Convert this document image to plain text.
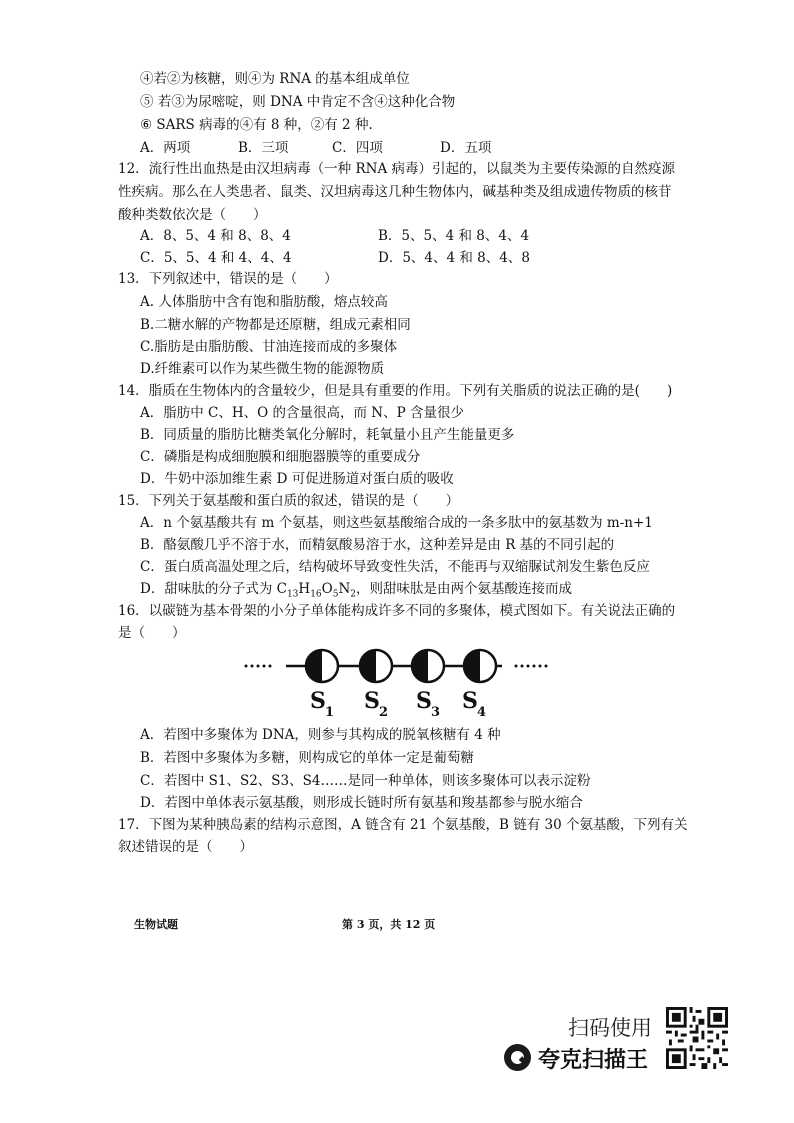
④若②为核糖，则④为 RNA 的基本组成单位
⑤ 若③为尿嘧啶，则 DNA 中肯定不含④这种化合物
⑥ SARS 病毒的④有 8 种，②有 2 种.
A．两项	B．三项	C．四项	D．五项
12．流行性出血热是由汉坦病毒（一种 RNA 病毒）引起的，以鼠类为主要传染源的自然疫源
性疾病。那么在人类患者、鼠类、汉坦病毒这几种生物体内，碱基种类及组成遗传物质的核苷
酸种类数依次是（　　）
A．8、5、4 和 8、8、4	B．5、5、4 和 8、4、4
C．5、5、4 和 4、4、4	D．5、4、4 和 8、4、8
13．下列叙述中，错误的是（　　）
A. 人体脂肪中含有饱和脂肪酸，熔点较高
B.二糖水解的产物都是还原糖，组成元素相同
C.脂肪是由脂肪酸、甘油连接而成的多聚体
D.纤维素可以作为某些微生物的能源物质
14．脂质在生物体内的含量较少，但是具有重要的作用。下列有关脂质的说法正确的是(　　)
A．脂肪中 C、H、O 的含量很高，而 N、P 含量很少
B．同质量的脂肪比糖类氧化分解时，耗氧量小且产生能量更多
C．磷脂是构成细胞膜和细胞器膜等的重要成分
D．牛奶中添加维生素 D 可促进肠道对蛋白质的吸收
15．下列关于氨基酸和蛋白质的叙述，错误的是（　　）
A．n 个氨基酸共有 m 个氨基，则这些氨基酸缩合成的一条多肽中的氨基数为 m-n+1
B．酪氨酸几乎不溶于水，而精氨酸易溶于水，这种差异是由 R 基的不同引起的
C．蛋白质高温处理之后，结构破坏导致变性失活，不能再与双缩脲试剂发生紫色反应
D．甜味肽的分子式为 $C_{13}H_{16}O_5N_2$，则甜味肽是由两个氨基酸连接而成
16．以碳链为基本骨架的小分子单体能构成许多不同的多聚体，模式图如下。有关说法正确的
是（　　）
S 1 S 2 S 3 S 4
A．若图中多聚体为 DNA，则参与其构成的脱氧核糖有 4 种
B．若图中多聚体为多糖，则构成它的单体一定是葡萄糖
C．若图中 S1、S2、S3、S4……是同一种单体，则该多聚体可以表示淀粉
D．若图中单体表示氨基酸，则形成长链时所有氨基和羧基都参与脱水缩合
17．下图为某种胰岛素的结构示意图，A 链含有 21 个氨基酸，B 链有 30 个氨基酸，下列有关
叙述错误的是（　　）
生物试题	第 3 页，共 12 页
扫码使用
夸克扫描王
